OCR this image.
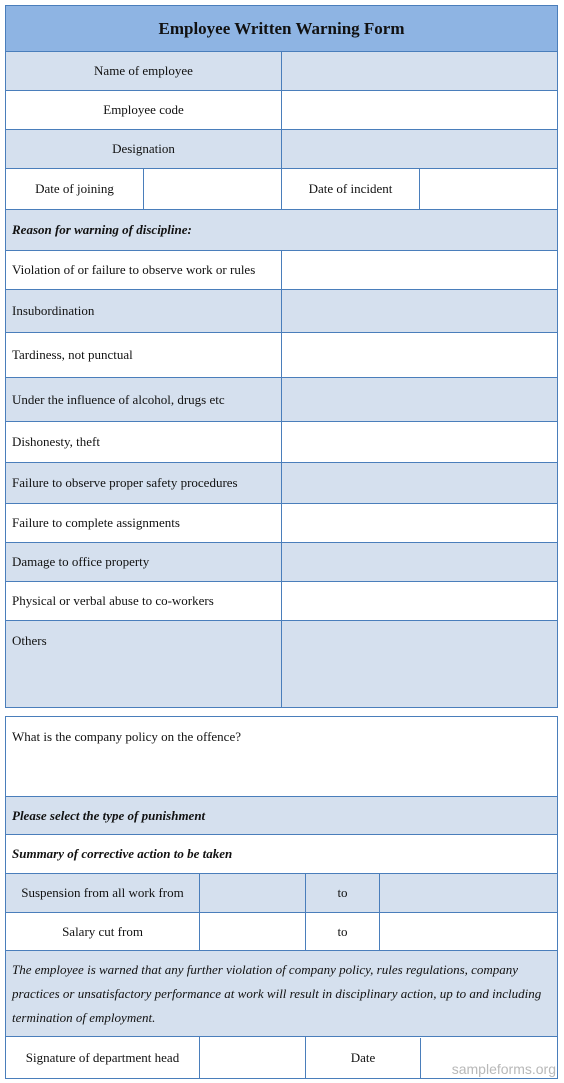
Employee Written Warning Form			
Name of employee			
Employee code			
Designation			
Date of joining		Date of incident	
Reason for warning of discipline:			
Violation of or failure to observe work or rules			
Insubordination			
Tardiness, not punctual			
Under the influence of alcohol, drugs etc			
Dishonesty, theft			
Failure to observe proper safety procedures			
Failure to complete assignments			
Damage to office property			
Physical or verbal abuse to co-workers			
Others			
What is the company policy on the offence?			
Please select the type of punishment			
Summary of corrective action to be taken			
Suspension from all work from		to	
Salary cut from		to	
The employee is warned that any further violation of company policy, rules regulations, company practices or unsatisfactory performance at work will result in disciplinary action, up to and including termination of employment.			
Signature of department head		Date	
sampleforms.org
